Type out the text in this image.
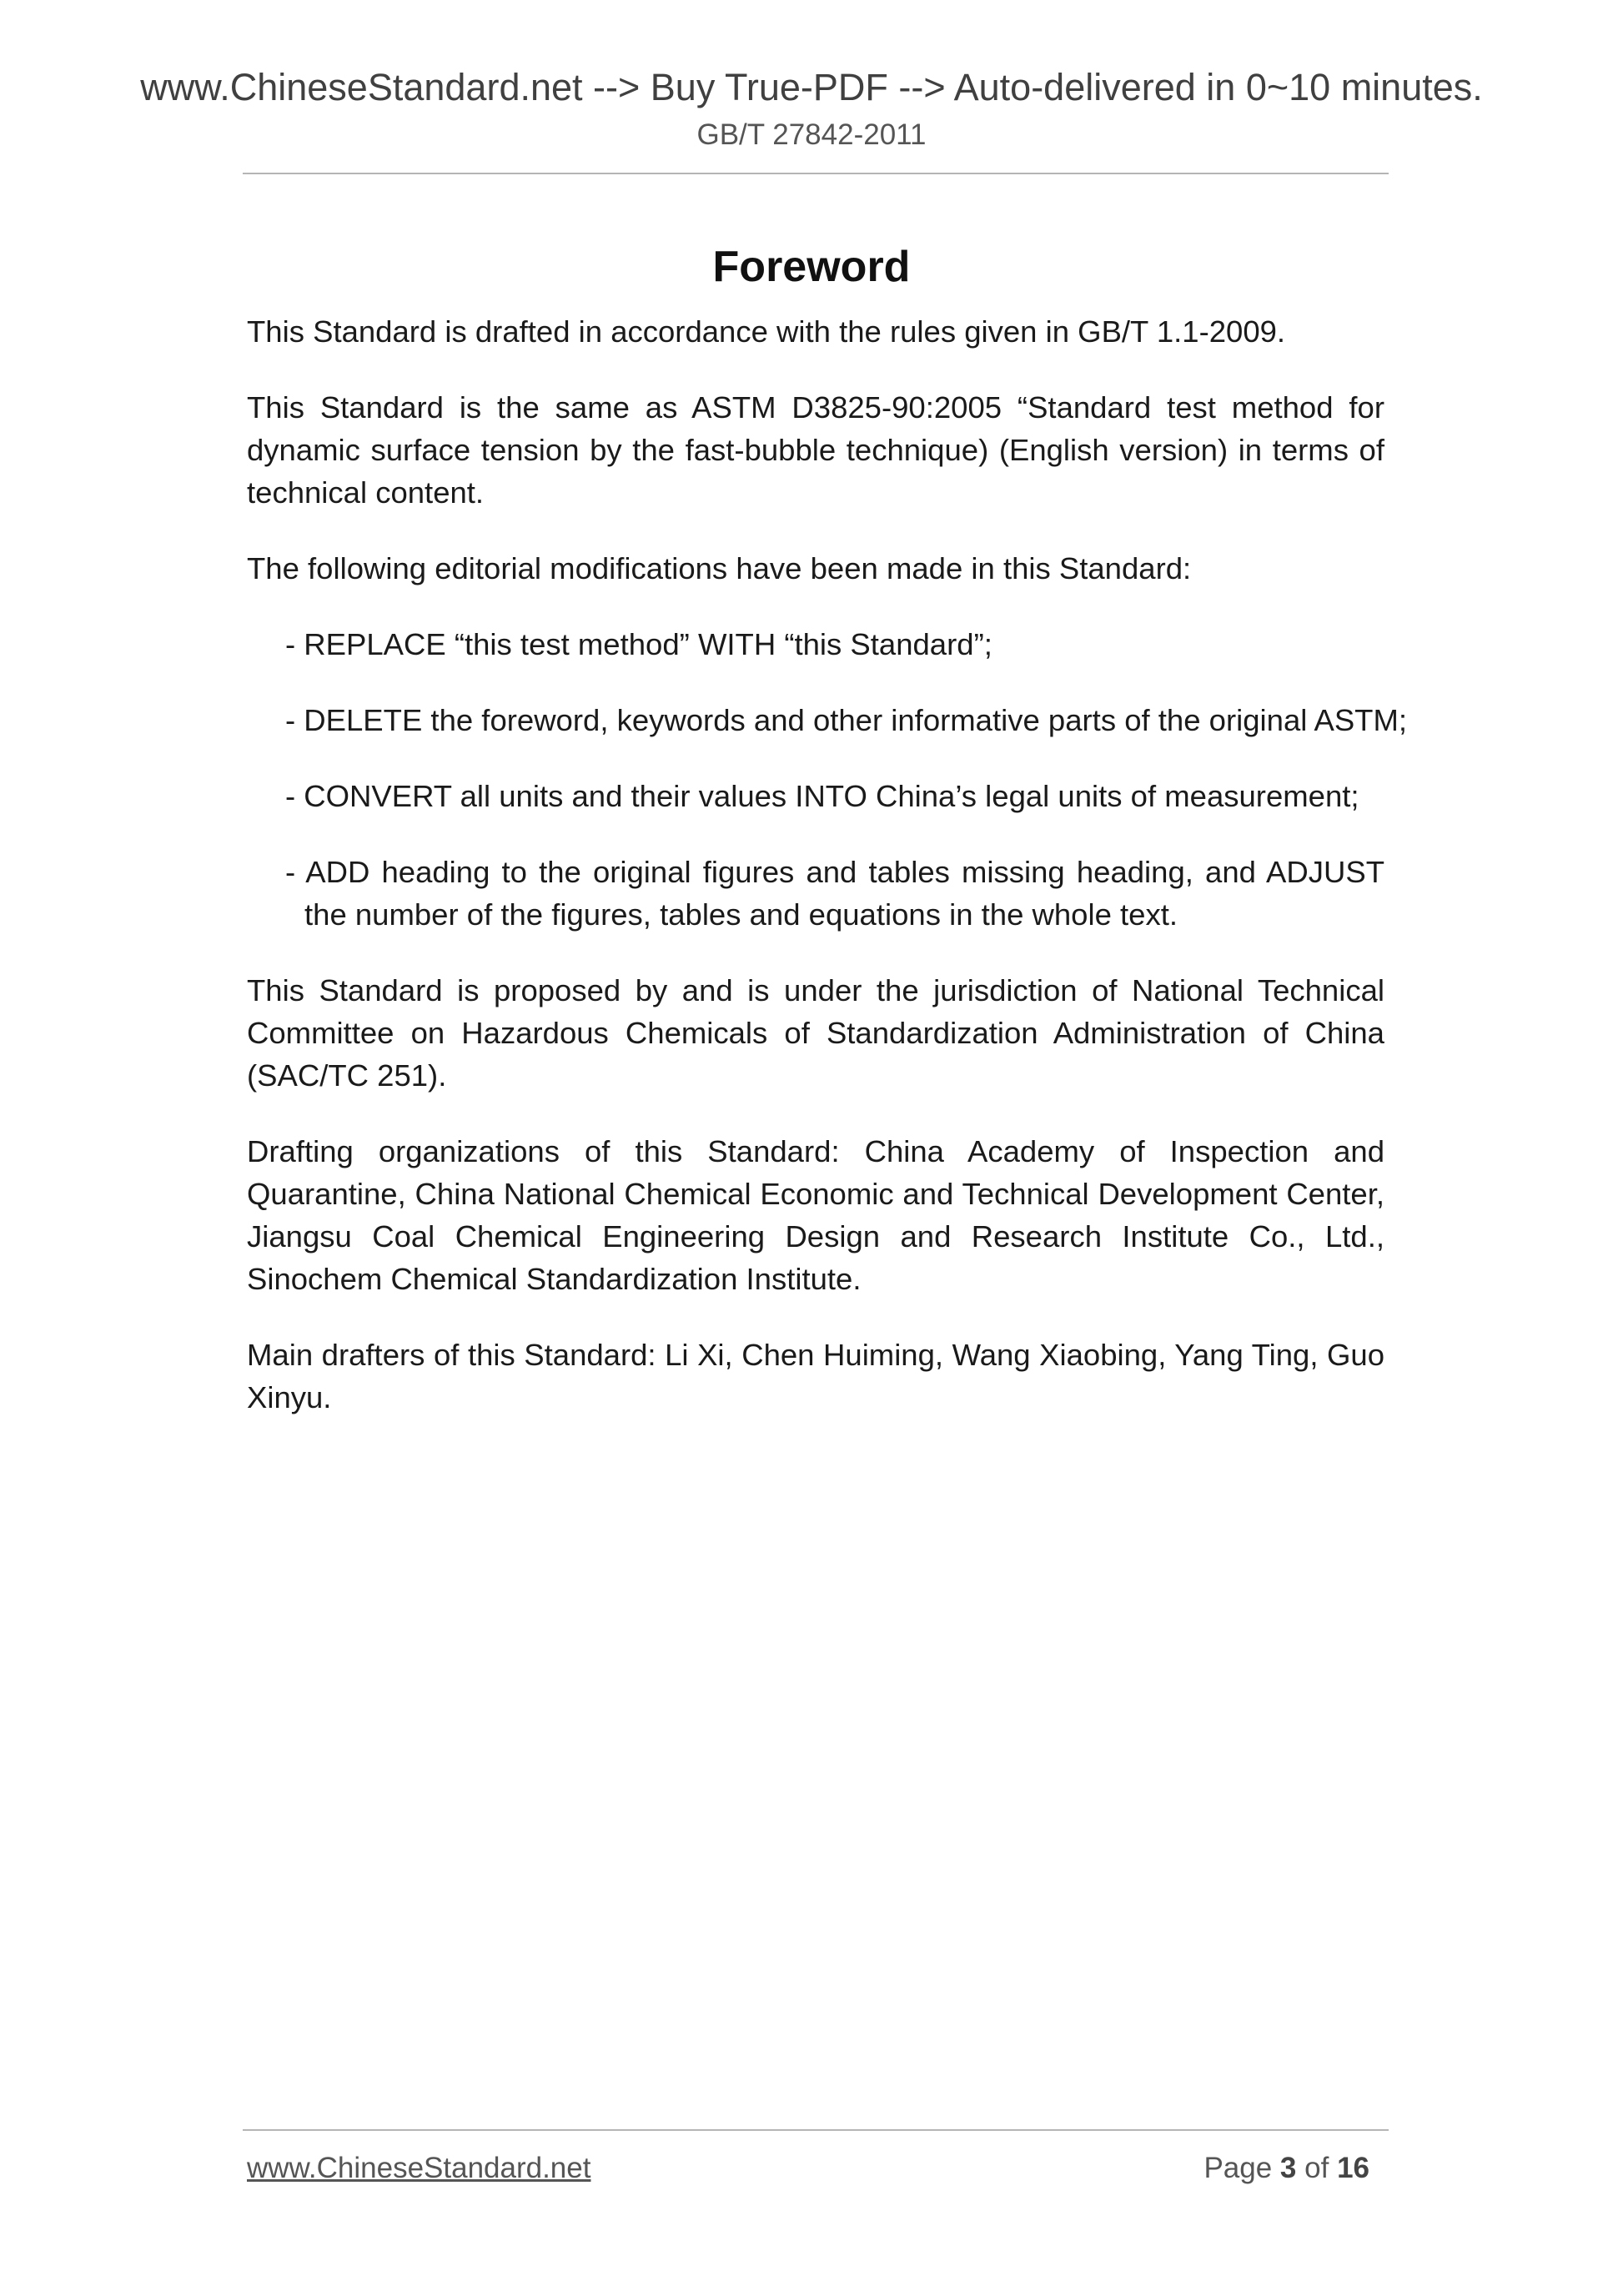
www.ChineseStandard.net --> Buy True-PDF --> Auto-delivered in 0~10 minutes.
GB/T 27842-2011
Foreword

This Standard is drafted in accordance with the rules given in GB/T 1.1-2009.

This Standard is the same as ASTM D3825-90:2005 “Standard test method for dynamic surface tension by the fast-bubble technique) (English version) in terms of technical content.

The following editorial modifications have been made in this Standard:

- REPLACE “this test method” WITH “this Standard”;
- DELETE the foreword, keywords and other informative parts of the original ASTM;
- CONVERT all units and their values INTO China’s legal units of measurement;
- ADD heading to the original figures and tables missing heading, and ADJUST the number of the figures, tables and equations in the whole text.

This Standard is proposed by and is under the jurisdiction of National Technical Committee on Hazardous Chemicals of Standardization Administration of China (SAC/TC 251).

Drafting organizations of this Standard: China Academy of Inspection and Quarantine, China National Chemical Economic and Technical Development Center, Jiangsu Coal Chemical Engineering Design and Research Institute Co., Ltd., Sinochem Chemical Standardization Institute.

Main drafters of this Standard: Li Xi, Chen Huiming, Wang Xiaobing, Yang Ting, Guo Xinyu.

www.ChineseStandard.net	Page 3 of 16
